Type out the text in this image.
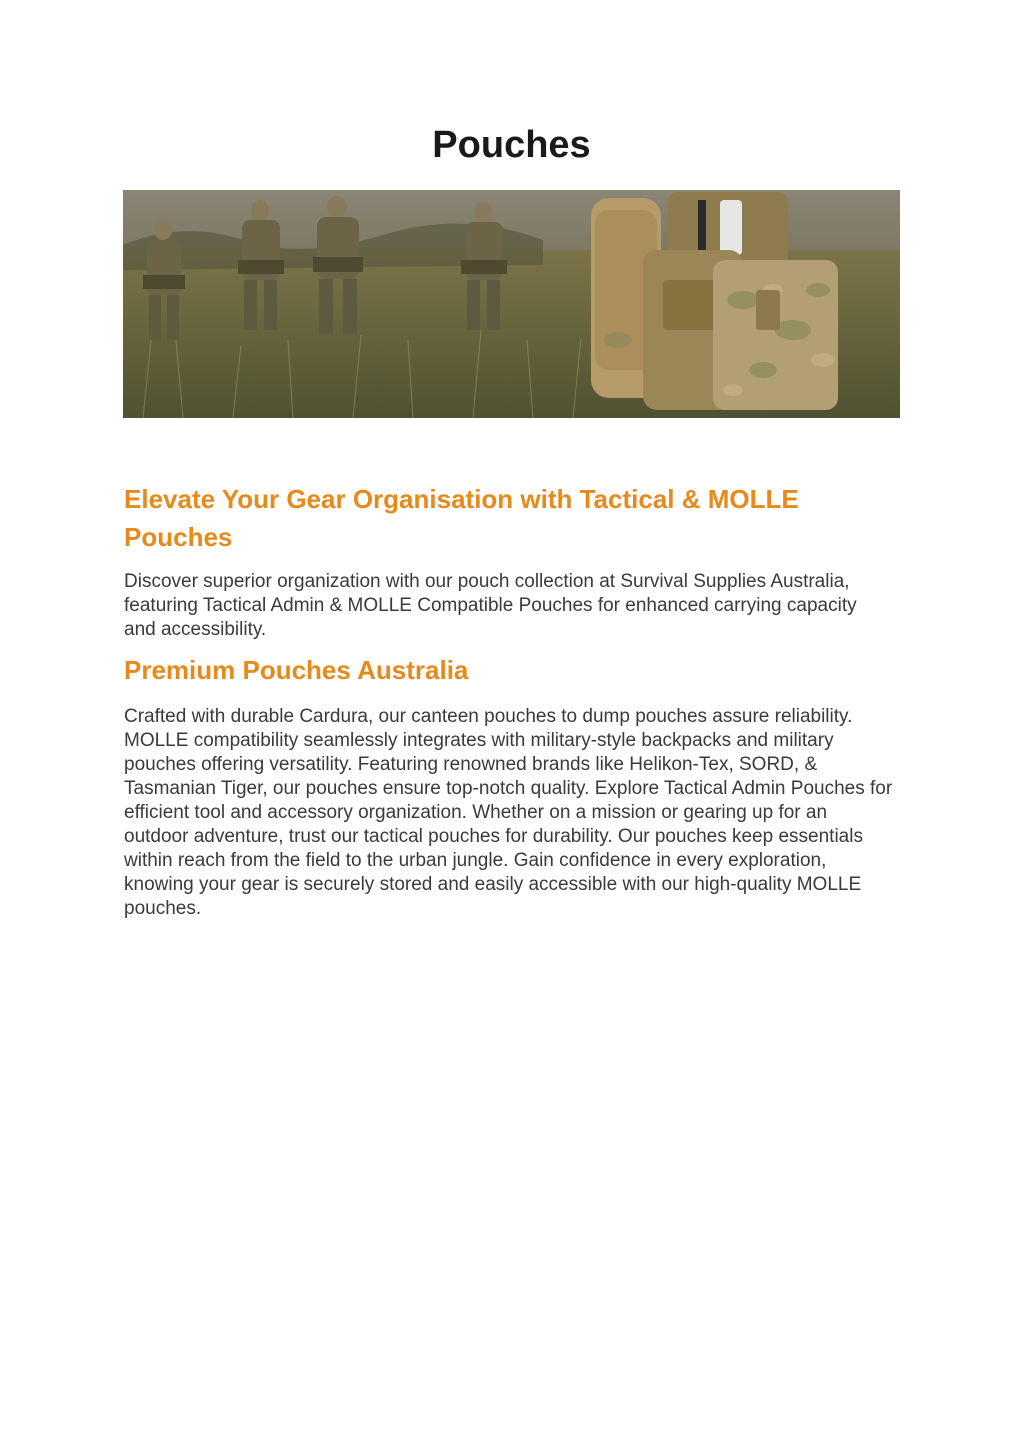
Pouches
Elevate Your Gear Organisation with Tactical & MOLLE Pouches

Discover superior organization with our pouch collection at Survival Supplies Australia, featuring Tactical Admin & MOLLE Compatible Pouches for enhanced carrying capacity and accessibility.

Premium Pouches Australia

Crafted with durable Cardura, our canteen pouches to dump pouches assure reliability. MOLLE compatibility seamlessly integrates with military-style backpacks and military pouches offering versatility. Featuring renowned brands like Helikon-Tex, SORD, & Tasmanian Tiger, our pouches ensure top-notch quality. Explore Tactical Admin Pouches for efficient tool and accessory organization. Whether on a mission or gearing up for an outdoor adventure, trust our tactical pouches for durability. Our pouches keep essentials within reach from the field to the urban jungle. Gain confidence in every exploration, knowing your gear is securely stored and easily accessible with our high-quality MOLLE pouches.
